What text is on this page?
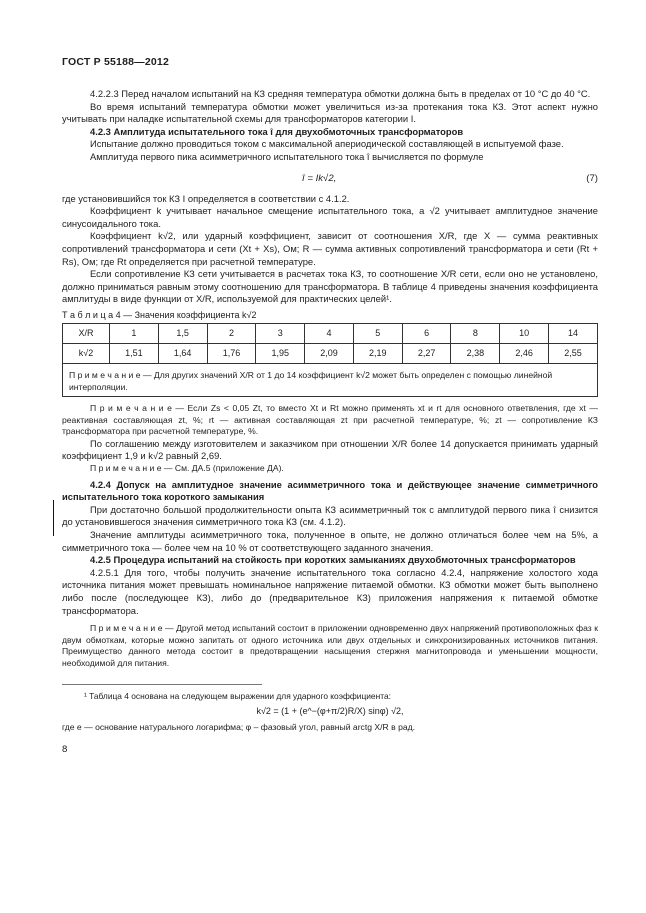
ГОСТ Р 55188—2012

4.2.2.3 Перед началом испытаний на КЗ средняя температура обмотки должна быть в пределах от 10 °С до 40 °С.

Во время испытаний температура обмотки может увеличиться из-за протекания тока КЗ. Этот аспект нужно учитывать при наладке испытательной схемы для трансформаторов категории I.

4.2.3 Амплитуда испытательного тока î для двухобмоточных трансформаторов

Испытание должно проводиться током с максимальной апериодической составляющей в испытуемой фазе.

Амплитуда первого пика асимметричного испытательного тока î вычисляется по формуле

î = Ik√2,	(7)

где установившийся ток КЗ I определяется в соответствии с 4.1.2.

Коэффициент k учитывает начальное смещение испытательного тока, а √2 учитывает амплитудное значение синусоидального тока.

Коэффициент k√2, или ударный коэффициент, зависит от соотношения X/R, где X — сумма реактивных сопротивлений трансформатора и сети (Xt + Xs), Ом; R — сумма активных сопротивлений трансформатора и сети (Rt + Rs), Ом; где Rt определяется при расчетной температуре.

Если сопротивление КЗ сети учитывается в расчетах тока КЗ, то соотношение X/R сети, если оно не установлено, должно приниматься равным этому соотношению для трансформатора. В таблице 4 приведены значения коэффициента амплитуды в виде функции от X/R, используемой для практических целей¹.

Т а б л и ц а 4 — Значения коэффициента k√2
X/R	1	1,5	2	3	4	5	6	8	10	14
k√2	1,51	1,64	1,76	1,95	2,09	2,19	2,27	2,38	2,46	2,55
П р и м е ч а н и е — Для других значений X/R от 1 до 14 коэффициент k√2 может быть определен с помощью линейной интерполяции.										

П р и м е ч а н и е — Если Zs < 0,05 Zt, то вместо Xt и Rt можно применять xt и rt для основного ответвления, где xt — реактивная составляющая zt, %; rt — активная составляющая zt при расчетной температуре, %; zt — сопротивление КЗ трансформатора при расчетной температуре, %.

По соглашению между изготовителем и заказчиком при отношении X/R более 14 допускается принимать ударный коэффициент 1,9 и k√2 равный 2,69.

П р и м е ч а н и е — См. ДА.5 (приложение ДА).

4.2.4 Допуск на амплитудное значение асимметричного тока и действующее значение симметричного испытательного тока короткого замыкания

При достаточно большой продолжительности опыта КЗ асимметричный ток с амплитудой первого пика î снизится до установившегося значения симметричного тока КЗ (см. 4.1.2).

Значение амплитуды асимметричного тока, полученное в опыте, не должно отличаться более чем на 5%, а симметричного тока — более чем на 10 % от соответствующего заданного значения.

4.2.5 Процедура испытаний на стойкость при коротких замыканиях двухобмоточных трансформаторов

4.2.5.1 Для того, чтобы получить значение испытательного тока согласно 4.2.4, напряжение холостого хода источника питания может превышать номинальное напряжение питаемой обмотки. КЗ обмотки может быть выполнено либо после (последующее КЗ), либо до (предварительное КЗ) приложения напряжения к питаемой обмотке трансформатора.

П р и м е ч а н и е — Другой метод испытаний состоит в приложении одновременно двух напряжений противоположных фаз к двум обмоткам, которые можно запитать от одного источника или двух отдельных и синхронизированных источников питания. Преимущество данного метода состоит в предотвращении насыщения стержня магнитопровода и уменьшении мощности, необходимой для питания.

¹ Таблица 4 основана на следующем выражении для ударного коэффициента:

k√2 = (1 + (e^−(φ+π/2)R/X) sinφ) √2,

где e — основание натурального логарифма; φ – фазовый угол, равный arctg X/R в рад.

8
